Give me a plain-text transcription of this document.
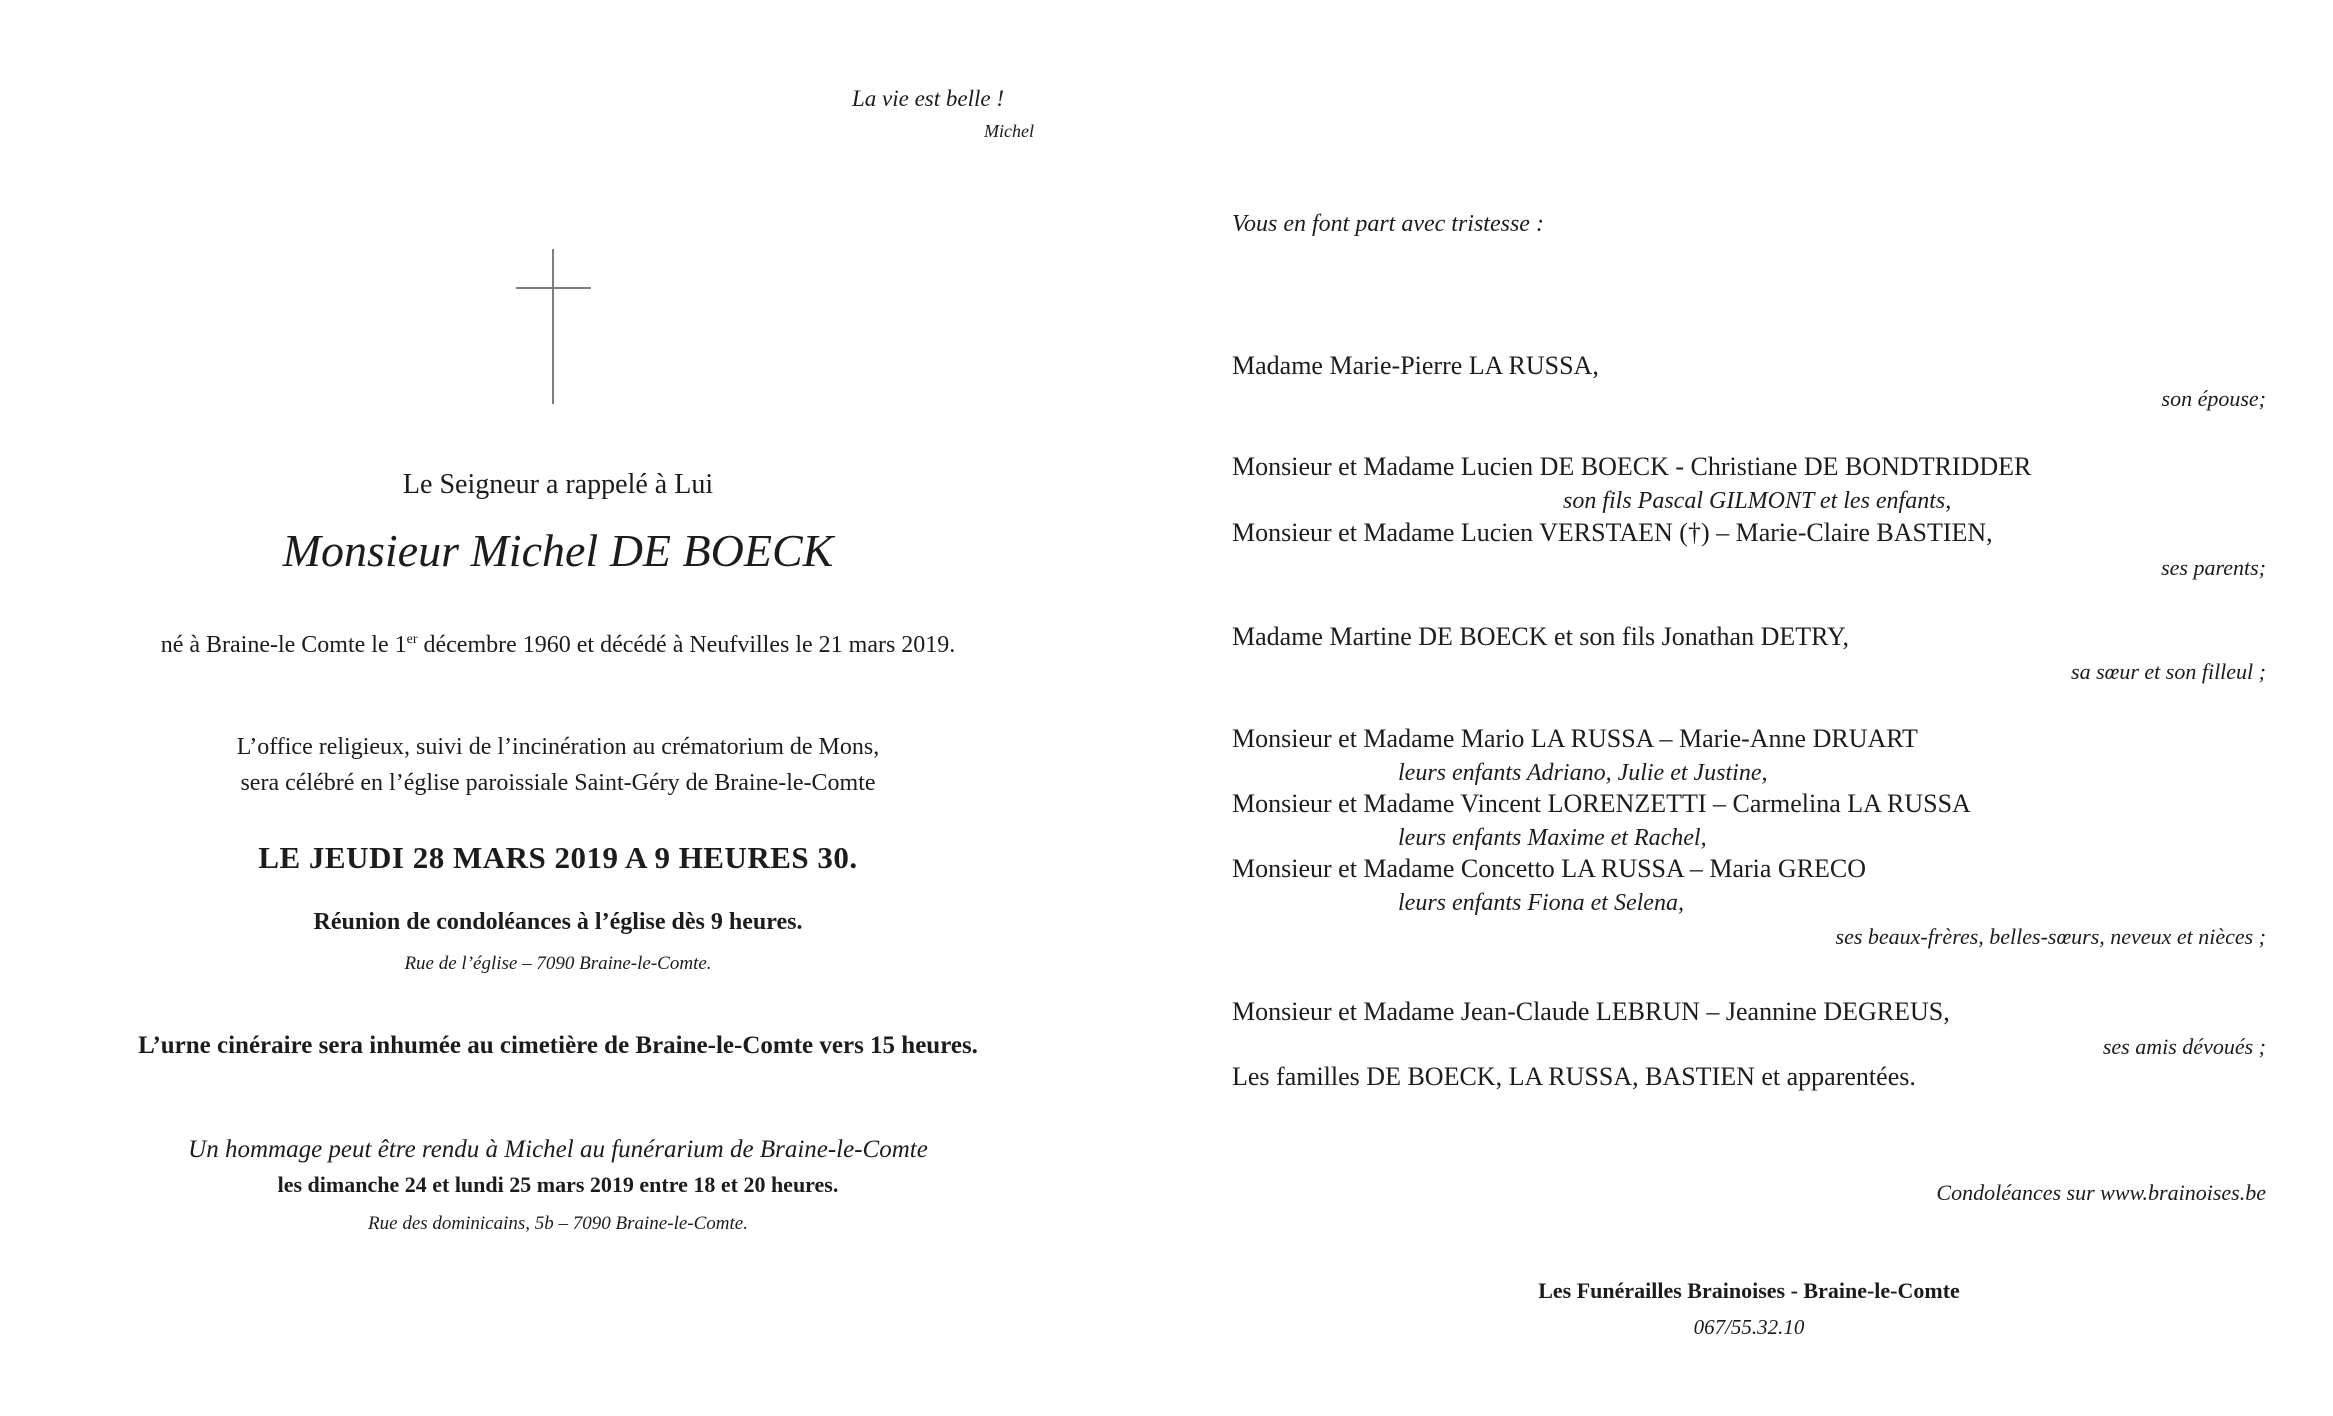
La vie est belle !
Michel
Le Seigneur a rappelé à Lui
Monsieur Michel DE BOECK
né à Braine-le Comte le 1er décembre 1960 et décédé à Neufvilles le 21 mars 2019.
L’office religieux, suivi de l’incinération au crématorium de Mons,
sera célébré en l’église paroissiale Saint-Géry de Braine-le-Comte
LE JEUDI 28 MARS 2019 A 9 HEURES 30.
Réunion de condoléances à l’église dès 9 heures.
Rue de l’église – 7090 Braine-le-Comte.
L’urne cinéraire sera inhumée au cimetière de Braine-le-Comte vers 15 heures.
Un hommage peut être rendu à Michel au funérarium de Braine-le-Comte
les dimanche 24 et lundi 25 mars 2019 entre 18 et 20 heures.
Rue des dominicains, 5b – 7090 Braine-le-Comte.
Vous en font part avec tristesse :
Madame Marie-Pierre LA RUSSA,
son épouse;
Monsieur et Madame Lucien DE BOECK - Christiane DE BONDTRIDDER
son fils Pascal GILMONT et les enfants,
Monsieur et Madame Lucien VERSTAEN (†) – Marie-Claire BASTIEN,
ses parents;
Madame Martine DE BOECK et son fils Jonathan DETRY,
sa sœur et son filleul ;
Monsieur et Madame Mario LA RUSSA – Marie-Anne DRUART
leurs enfants Adriano, Julie et Justine,
Monsieur et Madame Vincent LORENZETTI – Carmelina LA RUSSA
leurs enfants Maxime et Rachel,
Monsieur et Madame Concetto LA RUSSA – Maria GRECO
leurs enfants Fiona et Selena,
ses beaux-frères, belles-sœurs, neveux et nièces ;
Monsieur et Madame Jean-Claude LEBRUN – Jeannine DEGREUS,
ses amis dévoués ;
Les familles DE BOECK, LA RUSSA, BASTIEN et apparentées.
Condoléances sur www.brainoises.be
Les Funérailles Brainoises - Braine-le-Comte
067/55.32.10
